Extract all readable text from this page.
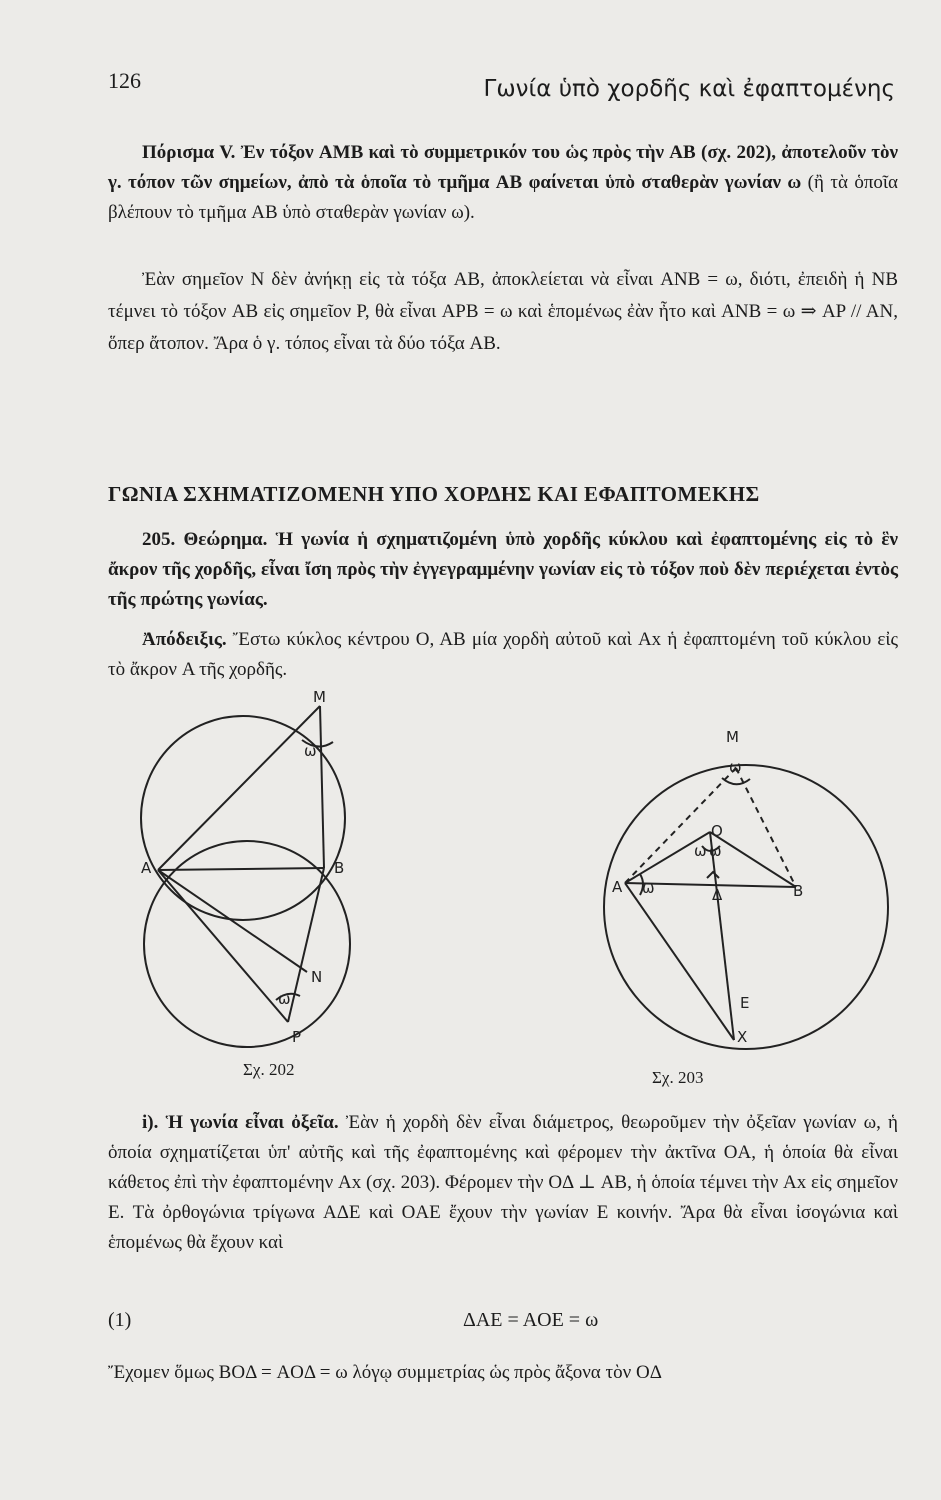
126	Γωνία ὑπὸ χορδῆς καὶ ἐφαπτομένης
Πόρισμα V. Ἐν τόξον AMB καὶ τὸ συμμετρικόν του ὡς πρὸς τὴν AB (σχ. 202), ἀποτελοῦν τὸν γ. τόπον τῶν σημείων, ἀπὸ τὰ ὁποῖα τὸ τμῆμα AB φαίνεται ὑπὸ σταθερὰν γωνίαν ω (ἢ τὰ ὁποῖα βλέπουν τὸ τμῆμα AB ὑπὸ σταθερὰν γωνίαν ω).
Ἐὰν σημεῖον N δὲν ἀνήκῃ εἰς τὰ τόξα AB, ἀποκλείεται νὰ εἶναι ANB = ω, διότι, ἐπειδὴ ἡ NB τέμνει τὸ τόξον AB εἰς σημεῖον P, θὰ εἶναι APB = ω καὶ ἑπομένως ἐὰν ἦτο καὶ ANB = ω ⇒ AP // AN, ὅπερ ἄτοπον. Ἄρα ὁ γ. τόπος εἶναι τὰ δύο τόξα AB.
ΓΩΝΙΑ ΣΧΗΜΑΤΙΖΟΜΕΝΗ ΥΠΟ ΧΟΡΔΗΣ ΚΑΙ ΕΦΑΠΤΟΜΕΚΗΣ
205. Θεώρημα. Ἡ γωνία ἡ σχηματιζομένη ὑπὸ χορδῆς κύκλου καὶ ἐφαπτομένης εἰς τὸ ἓν ἄκρον τῆς χορδῆς, εἶναι ἴση πρὸς τὴν ἐγγεγραμμένην γωνίαν εἰς τὸ τόξον ποὺ δὲν περιέχεται ἐντὸς τῆς πρώτης γωνίας.
Ἀπόδειξις. Ἔστω κύκλος κέντρου O, AB μία χορδὴ αὐτοῦ καὶ Ax ἡ ἐφαπτομένη τοῦ κύκλου εἰς τὸ ἄκρον A τῆς χορδῆς.
M
A	B
N
P
ω
ω
M
O
A	B
Δ
E
X
ω
ω ω
ω
Σχ. 202	Σχ. 203
i). Ἡ γωνία εἶναι ὀξεῖα. Ἐὰν ἡ χορδὴ δὲν εἶναι διάμετρος, θεωροῦμεν τὴν ὀξεῖαν γωνίαν ω, ἡ ὁποία σχηματίζεται ὑπ' αὐτῆς καὶ τῆς ἐφαπτομένης καὶ φέρομεν τὴν ἀκτῖνα OA, ἡ ὁποία θὰ εἶναι κάθετος ἐπὶ τὴν ἐφαπτομένην Ax (σχ. 203). Φέρομεν τὴν OΔ ⊥ AB, ἡ ὁποία τέμνει τὴν Ax εἰς σημεῖον E. Τὰ ὀρθογώνια τρίγωνα AΔE καὶ OAE ἔχουν τὴν γωνίαν E κοινήν. Ἄρα θὰ εἶναι ἰσογώνια καὶ ἑπομένως θὰ ἔχουν καὶ
(1)	ΔAE = AOE = ω
Ἔχομεν ὅμως BOΔ = AOΔ = ω λόγῳ συμμετρίας ὡς πρὸς ἄξονα τὸν OΔ
